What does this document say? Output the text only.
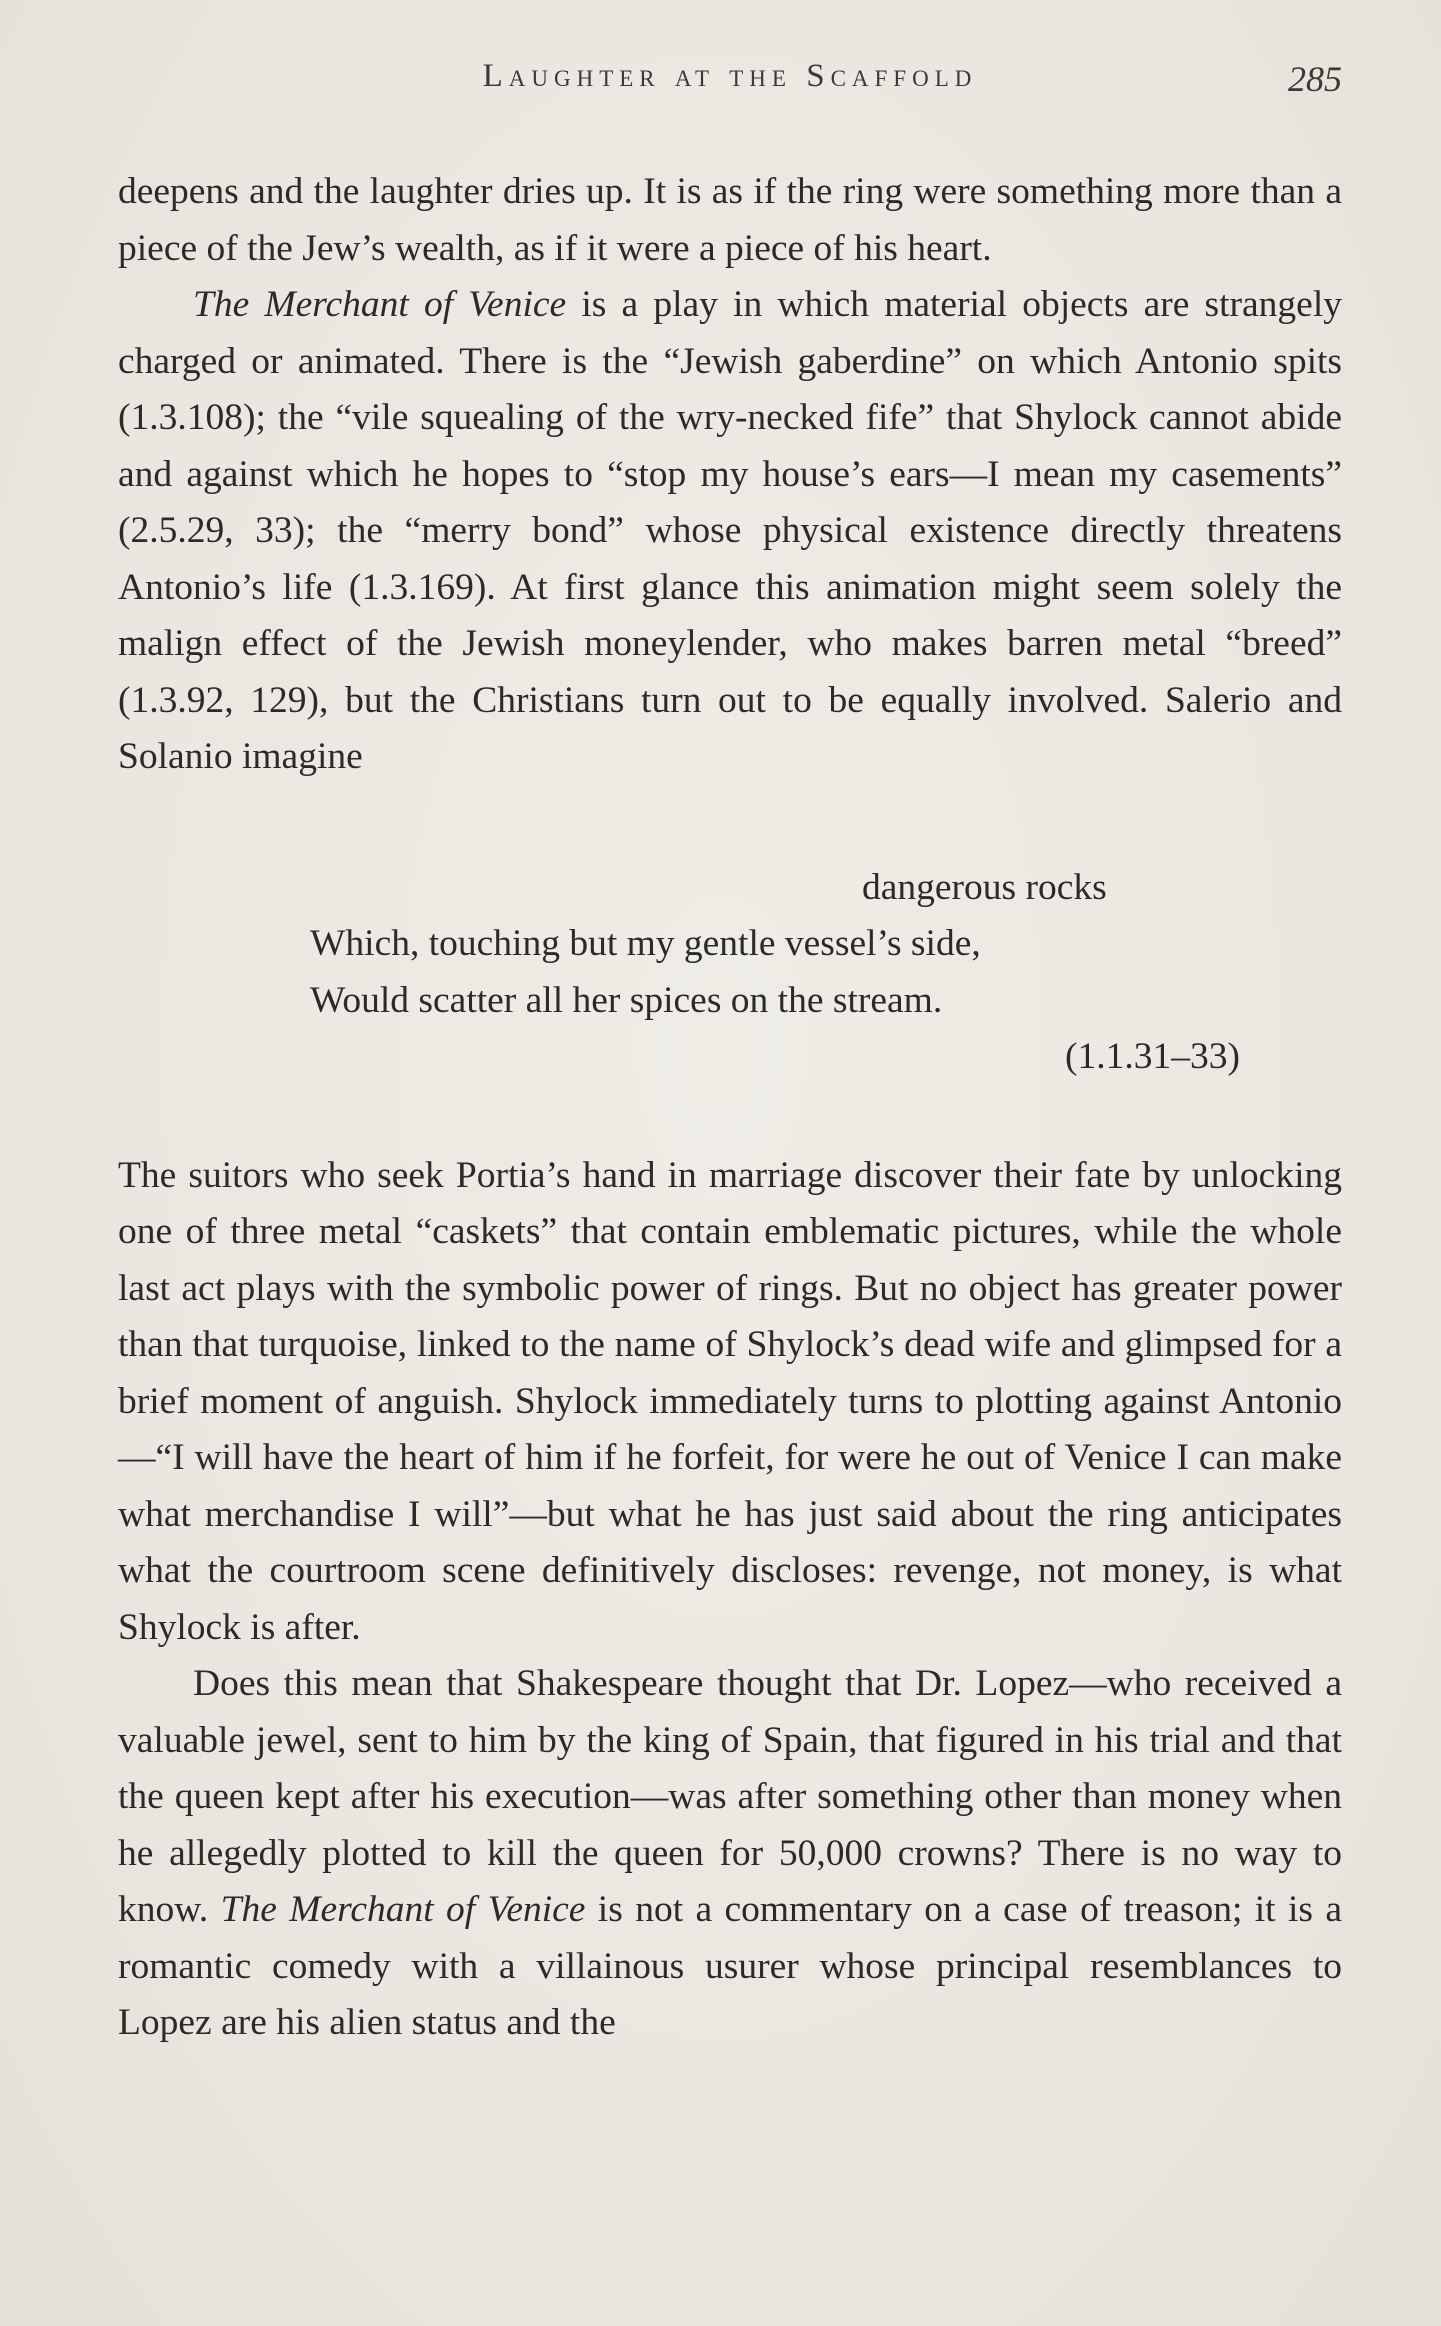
Laughter at the Scaffold	285

deepens and the laughter dries up. It is as if the ring were something more than a piece of the Jew’s wealth, as if it were a piece of his heart.

The Merchant of Venice is a play in which material objects are strangely charged or animated. There is the “Jewish gaberdine” on which Antonio spits (1.3.108); the “vile squealing of the wry-necked fife” that Shylock cannot abide and against which he hopes to “stop my house’s ears—I mean my casements” (2.5.29, 33); the “merry bond” whose physical existence directly threatens Antonio’s life (1.3.169). At first glance this animation might seem solely the malign effect of the Jewish moneylender, who makes barren metal “breed” (1.3.92, 129), but the Christians turn out to be equally involved. Salerio and Solanio imagine

dangerous rocks

Which, touching but my gentle vessel’s side,

Would scatter all her spices on the stream.

(1.1.31–33)

The suitors who seek Portia’s hand in marriage discover their fate by unlocking one of three metal “caskets” that contain emblematic pictures, while the whole last act plays with the symbolic power of rings. But no object has greater power than that turquoise, linked to the name of Shylock’s dead wife and glimpsed for a brief moment of anguish. Shylock immediately turns to plotting against Antonio—“I will have the heart of him if he forfeit, for were he out of Venice I can make what merchandise I will”—but what he has just said about the ring anticipates what the courtroom scene definitively discloses: revenge, not money, is what Shylock is after.

Does this mean that Shakespeare thought that Dr. Lopez—who received a valuable jewel, sent to him by the king of Spain, that figured in his trial and that the queen kept after his execution—was after something other than money when he allegedly plotted to kill the queen for 50,000 crowns? There is no way to know. The Merchant of Venice is not a commentary on a case of treason; it is a romantic comedy with a villainous usurer whose principal resemblances to Lopez are his alien status and the
